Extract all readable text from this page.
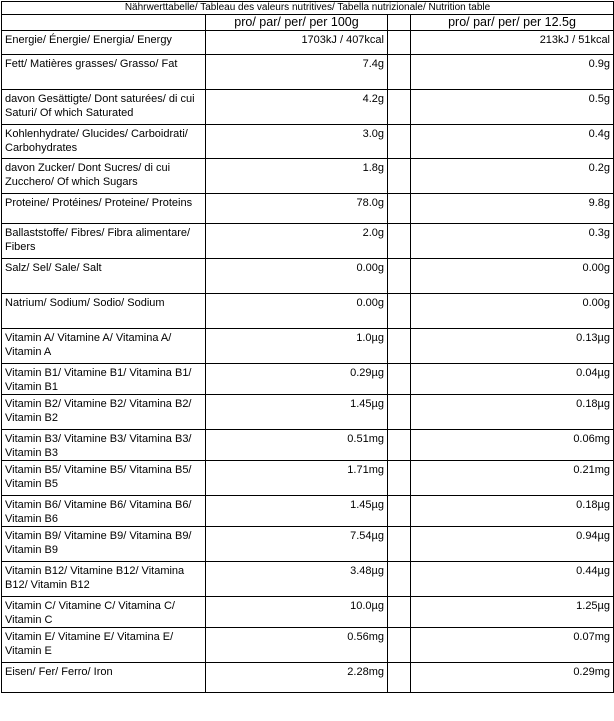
Nährwerttabelle/ Tableau des valeurs nutritives/ Tabella nutrizionale/ Nutrition table			
	pro/ par/ per/ per 100g		pro/ par/ per/ per 12.5g
Energie/ Énergie/ Energia/ Energy	1703kJ / 407kcal		213kJ / 51kcal
Fett/ Matières grasses/ Grasso/ Fat	7.4g		0.9g
davon Gesättigte/ Dont saturées/ di cui Saturi/ Of which Saturated	4.2g		0.5g
Kohlenhydrate/ Glucides/ Carboidrati/ Carbohydrates	3.0g		0.4g
davon Zucker/ Dont Sucres/ di cui Zucchero/ Of which Sugars	1.8g		0.2g
Proteine/ Protéines/ Proteine/ Proteins	78.0g		9.8g
Ballaststoffe/ Fibres/ Fibra alimentare/ Fibers	2.0g		0.3g
Salz/ Sel/ Sale/ Salt	0.00g		0.00g
Natrium/ Sodium/ Sodio/ Sodium	0.00g		0.00g
Vitamin A/ Vitamine A/ Vitamina A/ Vitamin A	1.0µg		0.13µg
Vitamin B1/ Vitamine B1/ Vitamina B1/ Vitamin B1	0.29µg		0.04µg
Vitamin B2/ Vitamine B2/ Vitamina B2/ Vitamin B2	1.45µg		0.18µg
Vitamin B3/ Vitamine B3/ Vitamina B3/ Vitamin B3	0.51mg		0.06mg
Vitamin B5/ Vitamine B5/ Vitamina B5/ Vitamin B5	1.71mg		0.21mg
Vitamin B6/ Vitamine B6/ Vitamina B6/ Vitamin B6	1.45µg		0.18µg
Vitamin B9/ Vitamine B9/ Vitamina B9/ Vitamin B9	7.54µg		0.94µg
Vitamin B12/ Vitamine B12/ Vitamina B12/ Vitamin B12	3.48µg		0.44µg
Vitamin C/ Vitamine C/ Vitamina C/ Vitamin C	10.0µg		1.25µg
Vitamin E/ Vitamine E/ Vitamina E/ Vitamin E	0.56mg		0.07mg
Eisen/ Fer/ Ferro/ Iron	2.28mg		0.29mg
